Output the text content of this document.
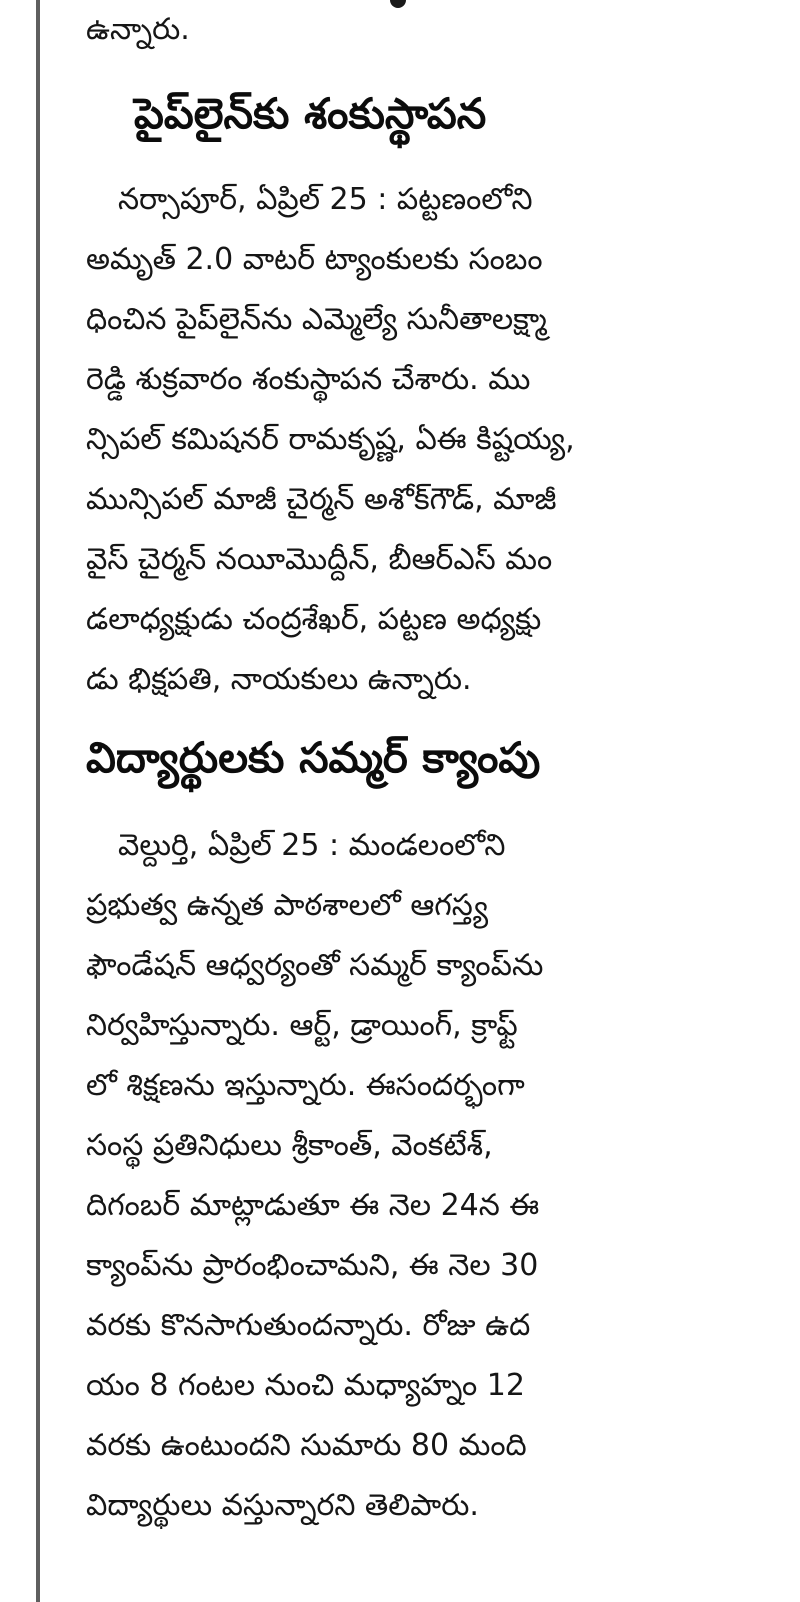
ఉన్నారు.
పైప్‌లైన్‌కు శంకుస్థాపన
నర్సాపూర్, ఏప్రిల్ 25 : పట్టణంలోని
అమృత్ 2.0 వాటర్ ట్యాంకులకు సంబం
ధించిన పైప్‌లైన్‌ను ఎమ్మెల్యే సునీతాలక్ష్మా
రెడ్డి శుక్రవారం శంకుస్థాపన చేశారు. ము
న్సిపల్ కమిషనర్ రామకృష్ణ, ఏఈ కిష్టయ్య,
మున్సిపల్ మాజీ చైర్మన్ అశోక్‌గౌడ్, మాజీ
వైస్ చైర్మన్ నయీమొద్దీన్, బీఆర్ఎస్ మం
డలాధ్యక్షుడు చంద్రశేఖర్, పట్టణ అధ్యక్షు
డు భిక్షపతి, నాయకులు ఉన్నారు.
విద్యార్థులకు సమ్మర్ క్యాంపు
వెల్దుర్తి, ఏప్రిల్ 25 : మండలంలోని
ప్రభుత్వ ఉన్నత పాఠశాలలో ఆగస్త్య
ఫౌండేషన్ ఆధ్వర్యంతో సమ్మర్ క్యాంప్‌ను
నిర్వహిస్తున్నారు. ఆర్ట్, డ్రాయింగ్, క్రాఫ్ట్
లో శిక్షణను ఇస్తున్నారు. ఈసందర్భంగా
సంస్థ ప్రతినిధులు శ్రీకాంత్, వెంకటేశ్,
దిగంబర్ మాట్లాడుతూ ఈ నెల 24న ఈ
క్యాంప్‌ను ప్రారంభించామని, ఈ నెల 30
వరకు కొనసాగుతుందన్నారు. రోజు ఉద
యం 8 గంటల నుంచి మధ్యాహ్నం 12
వరకు ఉంటుందని సుమారు 80 మంది
విద్యార్థులు వస్తున్నారని తెలిపారు.
